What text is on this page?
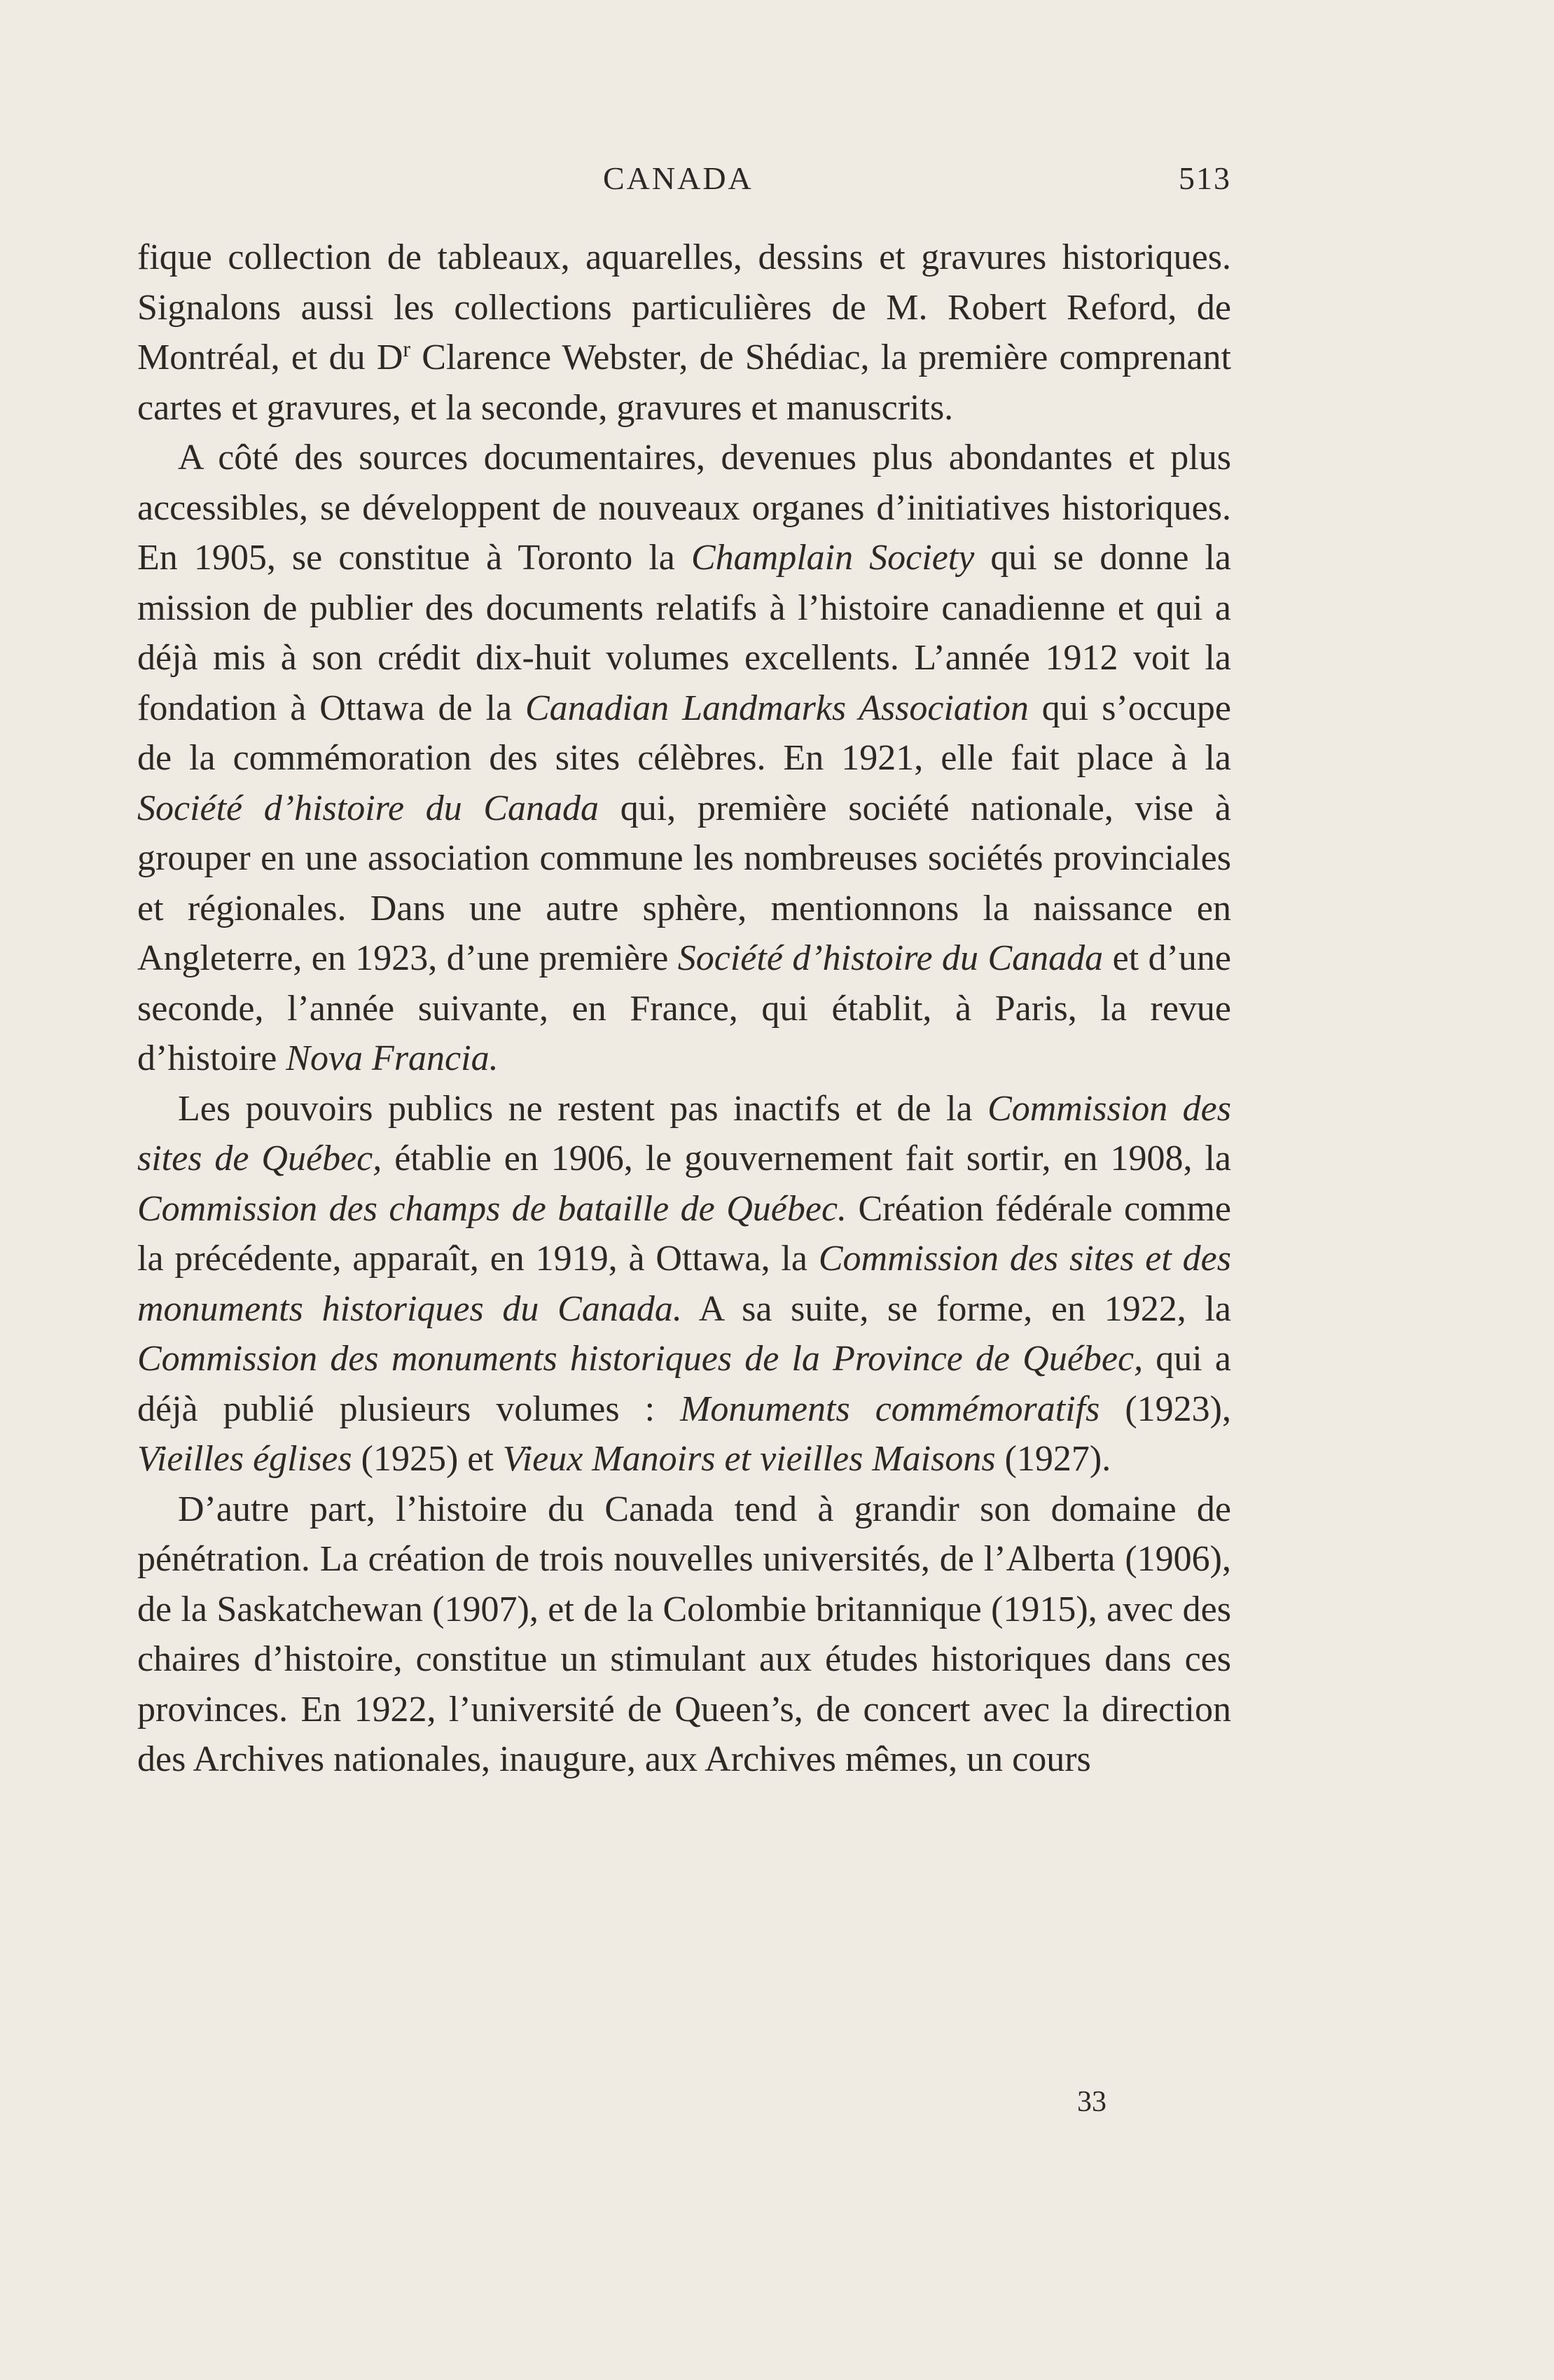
CANADA	513

fique collection de tableaux, aquarelles, dessins et gravures historiques. Signalons aussi les collections particulières de M. Robert Reford, de Montréal, et du $D^r$ Clarence Webster, de Shédiac, la première comprenant cartes et gravures, et la seconde, gravures et manuscrits.

A côté des sources documentaires, devenues plus abondantes et plus accessibles, se développent de nouveaux organes d’initiatives historiques. En 1905, se constitue à Toronto la Champlain Society qui se donne la mission de publier des documents relatifs à l’histoire canadienne et qui a déjà mis à son crédit dix-huit volumes excellents. L’année 1912 voit la fondation à Ottawa de la Canadian Landmarks Association qui s’occupe de la commémoration des sites célèbres. En 1921, elle fait place à la Société d’histoire du Canada qui, première société nationale, vise à grouper en une association commune les nombreuses sociétés provinciales et régionales. Dans une autre sphère, mentionnons la naissance en Angleterre, en 1923, d’une première Société d’histoire du Canada et d’une seconde, l’année suivante, en France, qui établit, à Paris, la revue d’histoire Nova Francia.

Les pouvoirs publics ne restent pas inactifs et de la Commission des sites de Québec, établie en 1906, le gouvernement fait sortir, en 1908, la Commission des champs de bataille de Québec. Création fédérale comme la précédente, apparaît, en 1919, à Ottawa, la Commission des sites et des monuments historiques du Canada. A sa suite, se forme, en 1922, la Commission des monuments historiques de la Province de Québec, qui a déjà publié plusieurs volumes : Monuments commémoratifs (1923), Vieilles églises (1925) et Vieux Manoirs et vieilles Maisons (1927).

D’autre part, l’histoire du Canada tend à grandir son domaine de pénétration. La création de trois nouvelles universités, de l’Alberta (1906), de la Saskatchewan (1907), et de la Colombie britannique (1915), avec des chaires d’histoire, constitue un stimulant aux études historiques dans ces provinces. En 1922, l’université de Queen’s, de concert avec la direction des Archives nationales, inaugure, aux Archives mêmes, un cours

33
